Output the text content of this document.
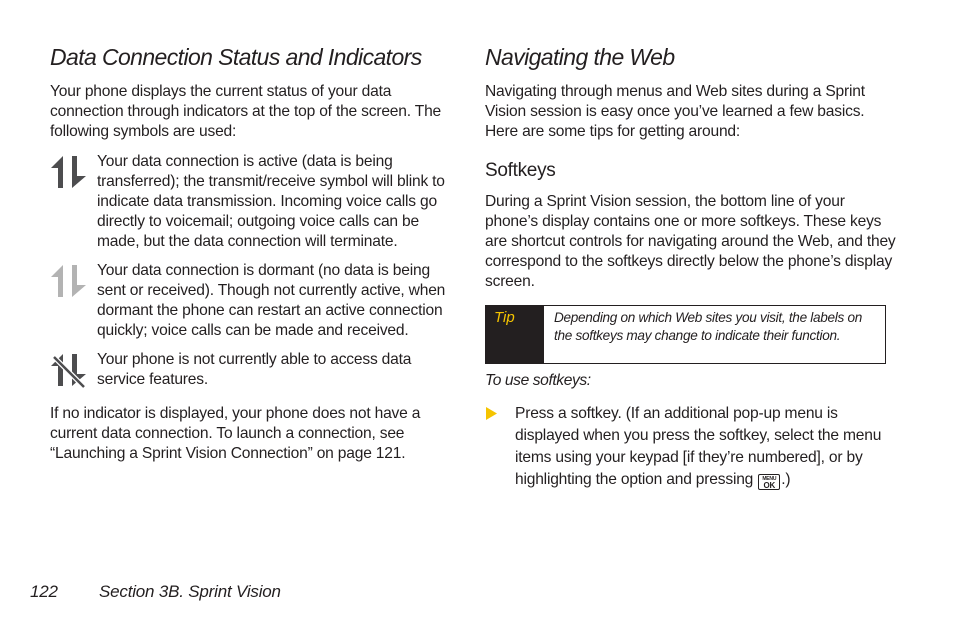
Data Connection Status and Indicators

Your phone displays the current status of your data connection through indicators at the top of the screen. The following symbols are used:

Your data connection is active (data is being transferred); the transmit/receive symbol will blink to indicate data transmission. Incoming voice calls go directly to voicemail; outgoing voice calls can be made, but the data connection will terminate.

Your data connection is dormant (no data is being sent or received). Though not currently active, when dormant the phone can restart an active connection quickly; voice calls can be made and received.

Your phone is not currently able to access data service features.

If no indicator is displayed, your phone does not have a current data connection. To launch a connection, see “Launching a Sprint Vision Connection” on page 121.

Navigating the Web

Navigating through menus and Web sites during a Sprint Vision session is easy once you’ve learned a few basics. Here are some tips for getting around:

Softkeys

During a Sprint Vision session, the bottom line of your phone’s display contains one or more softkeys. These keys are shortcut controls for navigating around the Web, and they correspond to the softkeys directly below the phone’s display screen.

Tip	Depending on which Web sites you visit, the labels on the softkeys may change to indicate their function.

To use softkeys:

Press a softkey. (If an additional pop-up menu is displayed when you press the softkey, select the menu items using your keypad [if they’re numbered], or by highlighting the option and pressing	MENU
OK .)

122 Section 3B. Sprint Vision
